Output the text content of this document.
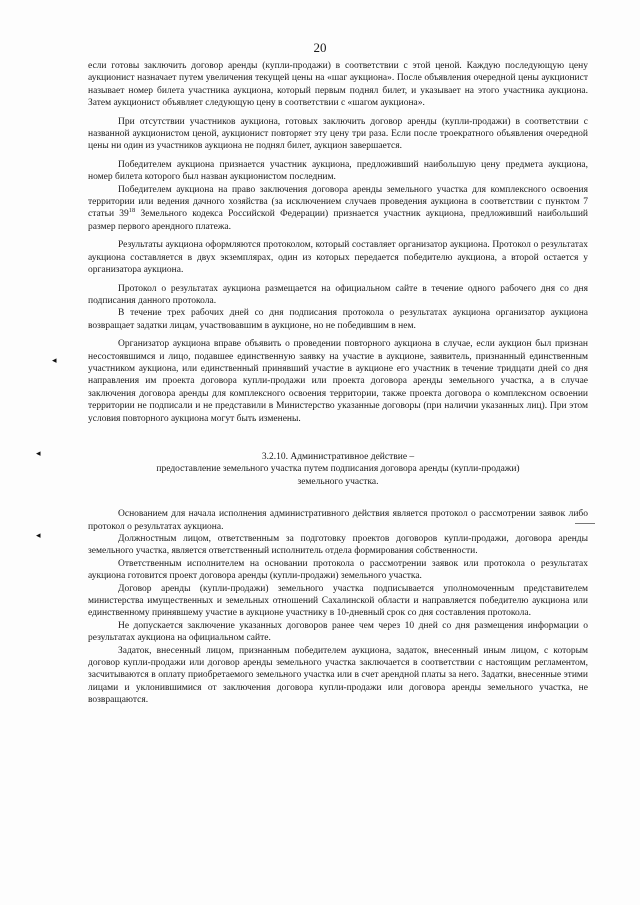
20

если готовы заключить договор аренды (купли-продажи) в соответствии с этой ценой. Каждую последующую цену аукционист назначает путем увеличения текущей цены на «шаг аукциона». После объявления очередной цены аукционист называет номер билета участника аукциона, который первым поднял билет, и указывает на этого участника аукциона. Затем аукционист объявляет следующую цену в соответствии с «шагом аукциона».

При отсутствии участников аукциона, готовых заключить договор аренды (купли-продажи) в соответствии с названной аукционистом ценой, аукционист повторяет эту цену три раза. Если после троекратного объявления очередной цены ни один из участников аукциона не поднял билет, аукцион завершается.

Победителем аукциона признается участник аукциона, предложивший наибольшую цену предмета аукциона, номер билета которого был назван аукционистом последним.

Победителем аукциона на право заключения договора аренды земельного участка для комплексного освоения территории или ведения дачного хозяйства (за исключением случаев проведения аукциона в соответствии с пунктом 7 статьи $39^{18}$ Земельного кодекса Российской Федерации) признается участник аукциона, предложивший наибольший размер первого арендного платежа.

Результаты аукциона оформляются протоколом, который составляет организатор аукциона. Протокол о результатах аукциона составляется в двух экземплярах, один из которых передается победителю аукциона, а второй остается у организатора аукциона.

Протокол о результатах аукциона размещается на официальном сайте в течение одного рабочего дня со дня подписания данного протокола.

В течение трех рабочих дней со дня подписания протокола о результатах аукциона организатор аукциона возвращает задатки лицам, участвовавшим в аукционе, но не победившим в нем.

Организатор аукциона вправе объявить о проведении повторного аукциона в случае, если аукцион был признан несостоявшимся и лицо, подавшее единственную заявку на участие в аукционе, заявитель, признанный единственным участником аукциона, или единственный принявший участие в аукционе его участник в течение тридцати дней со дня направления им проекта договора купли-продажи или проекта договора аренды земельного участка, а в случае заключения договора аренды для комплексного освоения территории, также проекта договора о комплексном освоении территории не подписали и не представили в Министерство указанные договоры (при наличии указанных лиц). При этом условия повторного аукциона могут быть изменены.

3.2.10. Административное действие –
предоставление земельного участка путем подписания договора аренды (купли-продажи)
земельного участка.

Основанием для начала исполнения административного действия является протокол о рассмотрении заявок либо протокол о результатах аукциона.

Должностным лицом, ответственным за подготовку проектов договоров купли-продажи, договора аренды земельного участка, является ответственный исполнитель отдела формирования собственности.

Ответственным исполнителем на основании протокола о рассмотрении заявок или протокола о результатах аукциона готовится проект договора аренды (купли-продажи) земельного участка.

Договор аренды (купли-продажи) земельного участка подписывается уполномоченным представителем министерства имущественных и земельных отношений Сахалинской области и направляется победителю аукциона или единственному принявшему участие в аукционе участнику в 10-дневный срок со дня составления протокола.

Не допускается заключение указанных договоров ранее чем через 10 дней со дня размещения информации о результатах аукциона на официальном сайте.

Задаток, внесенный лицом, признанным победителем аукциона, задаток, внесенный иным лицом, с которым договор купли-продажи или договор аренды земельного участка заключается в соответствии с настоящим регламентом, засчитываются в оплату приобретаемого земельного участка или в счет арендной платы за него. Задатки, внесенные этими лицами и уклонившимися от заключения договора купли-продажи или договора аренды земельного участка, не возвращаются.

◂
◂
◂
